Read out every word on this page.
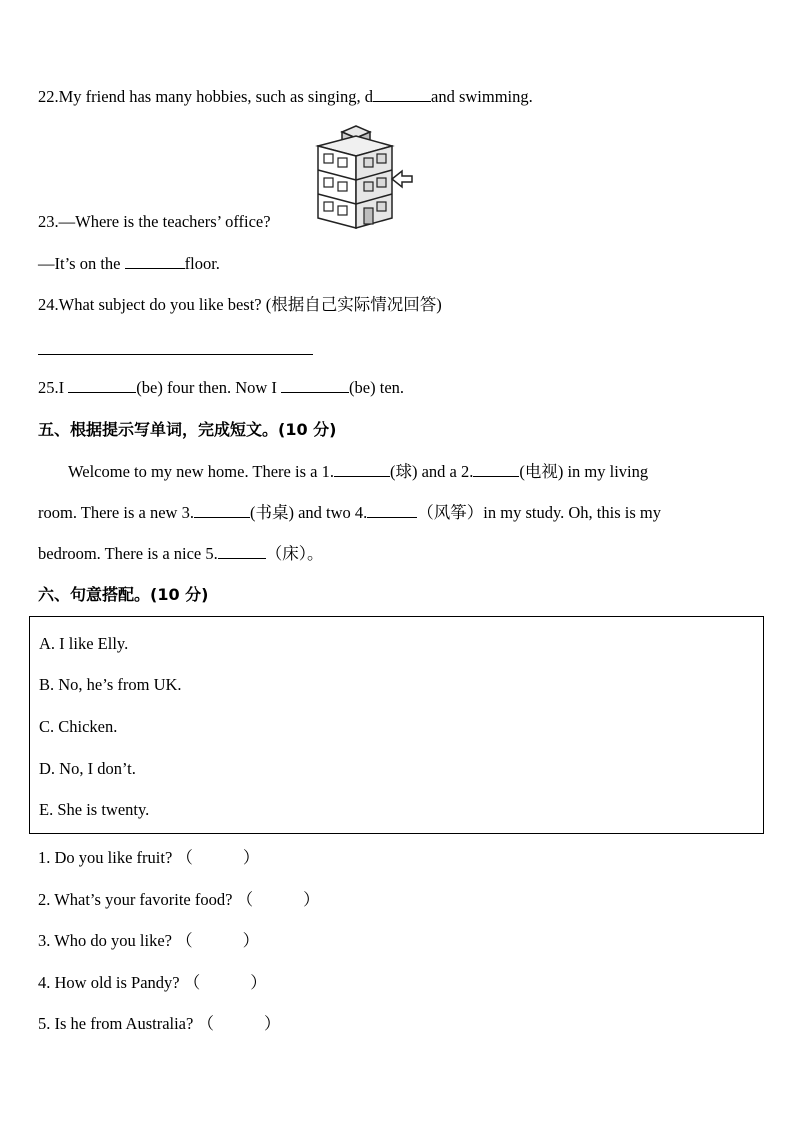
22.My friend has many hobbies, such as singing, d	and swimming.
23.—Where is the teachers’ office?
—It’s on the	floor.
24.What subject do you like best? (根据自己实际情况回答)
25.I	(be) four then. Now I	(be) ten.
五、根据提示写单词，完成短文。(10 分)
Welcome to my new home. There is a 1.	(球) and a 2.	(电视) in my living
room. There is a new 3.	(书桌) and two 4.	（风筝）in my study. Oh, this is my
bedroom. There is a nice 5.	（床）。
六、句意搭配。(10 分)
A. I like Elly.
B. No, he’s from UK.
C. Chicken.
D. No, I don’t.
E. She is twenty.
1. Do you like fruit? （	）
2. What’s your favorite food? （	）
3. Who do you like? （	）
4. How old is Pandy? （	）
5. Is he from Australia? （	）
